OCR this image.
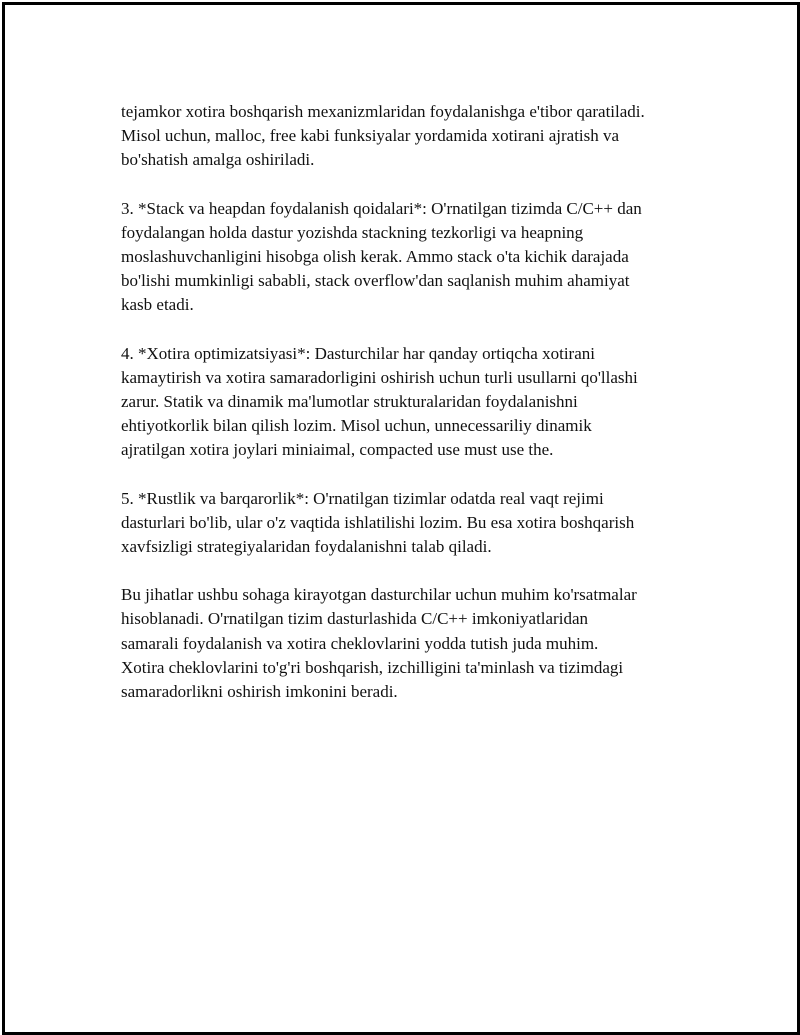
tejamkor xotira boshqarish mexanizmlaridan foydalanishga e'tibor qaratiladi.
Misol uchun, malloc, free kabi funksiyalar yordamida xotirani ajratish va
bo'shatish amalga oshiriladi.

3. *Stack va heapdan foydalanish qoidalari*: O'rnatilgan tizimda C/C++ dan
foydalangan holda dastur yozishda stackning tezkorligi va heapning
moslashuvchanligini hisobga olish kerak. Ammo stack o'ta kichik darajada
bo'lishi mumkinligi sababli, stack overflow'dan saqlanish muhim ahamiyat
kasb etadi.

4. *Xotira optimizatsiyasi*: Dasturchilar har qanday ortiqcha xotirani
kamaytirish va xotira samaradorligini oshirish uchun turli usullarni qo'llashi
zarur. Statik va dinamik ma'lumotlar strukturalaridan foydalanishni
ehtiyotkorlik bilan qilish lozim. Misol uchun, unnecessariliy dinamik
ajratilgan xotira joylari miniaimal, compacted use must use the.

5. *Rustlik va barqarorlik*: O'rnatilgan tizimlar odatda real vaqt rejimi
dasturlari bo'lib, ular o'z vaqtida ishlatilishi lozim. Bu esa xotira boshqarish
xavfsizligi strategiyalaridan foydalanishni talab qiladi.

Bu jihatlar ushbu sohaga kirayotgan dasturchilar uchun muhim ko'rsatmalar
hisoblanadi. O'rnatilgan tizim dasturlashida C/C++ imkoniyatlaridan
samarali foydalanish va xotira cheklovlarini yodda tutish juda muhim.
Xotira cheklovlarini to'g'ri boshqarish, izchilligini ta'minlash va tizimdagi
samaradorlikni oshirish imkonini beradi.
